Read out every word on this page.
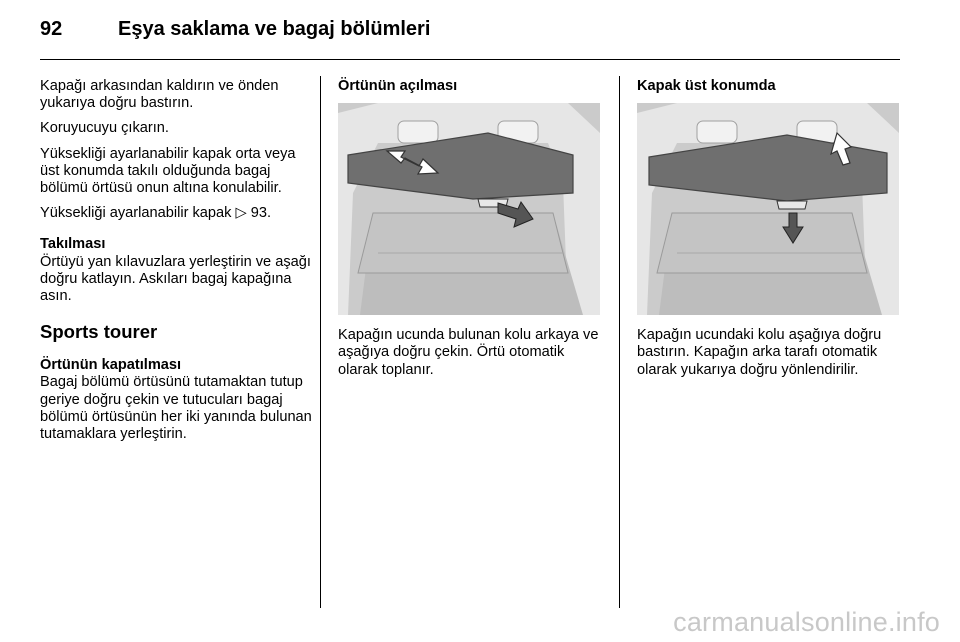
92	Eşya saklama ve bagaj bölümleri

Kapağı arkasından kaldırın ve önden yukarıya doğru bastırın.

Koruyucuyu çıkarın.

Yüksekliği ayarlanabilir kapak orta veya üst konumda takılı olduğunda bagaj bölümü örtüsü onun altına konulabilir.

Yüksekliği ayarlanabilir kapak ▷ 93.

Takılması

Örtüyü yan kılavuzlara yerleştirin ve aşağı doğru katlayın. Askıları bagaj kapağına asın.

Sports tourer

Örtünün kapatılması

Bagaj bölümü örtüsünü tutamaktan tutup geriye doğru çekin ve tutucuları bagaj bölümü örtüsünün her iki yanında bulunan tutamaklara yerleştirin.

Örtünün açılması

Kapağın ucunda bulunan kolu arkaya ve aşağıya doğru çekin. Örtü otomatik olarak toplanır.

Kapak üst konumda

Kapağın ucundaki kolu aşağıya doğru bastırın. Kapağın arka tarafı otomatik olarak yukarıya doğru yönlendirilir.

carmanualsonline.info
